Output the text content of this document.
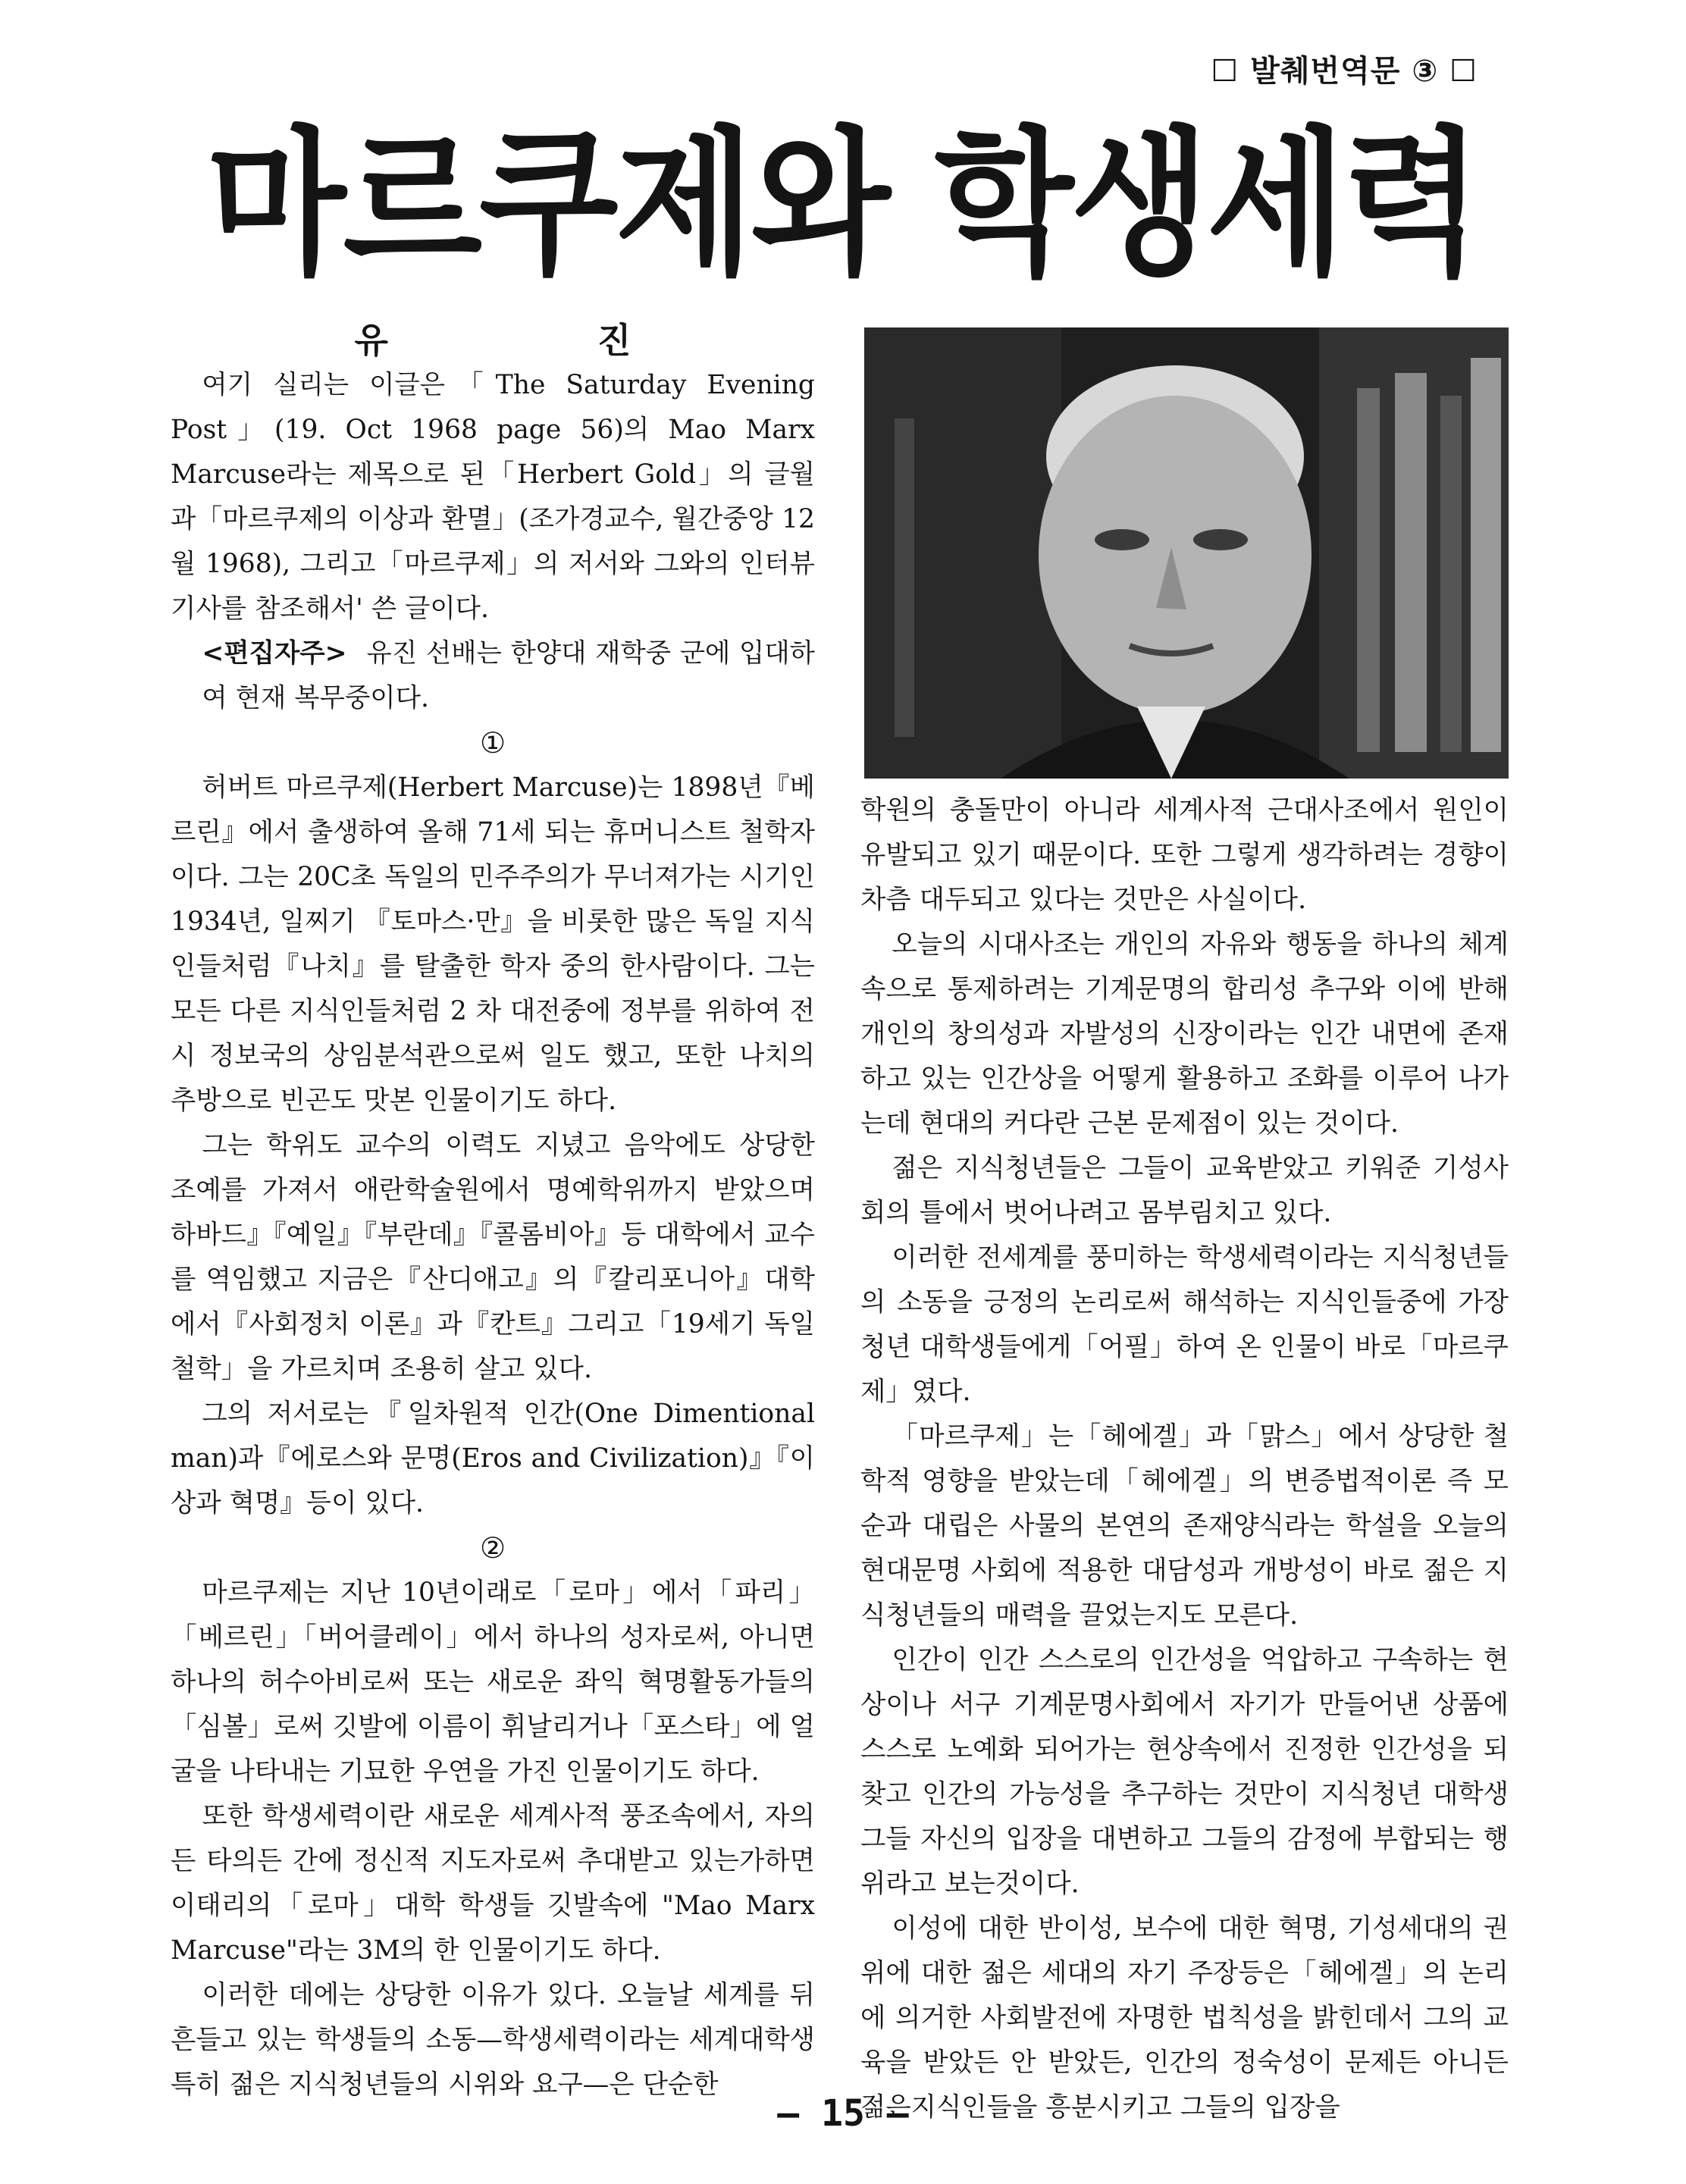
☐ 발췌번역문 ③ ☐
마르쿠제와 학생세력

유 진

여기 실리는 이글은「The Saturday Evening Post」(19. Oct 1968 page 56)의 Mao Marx Marcuse라는 제목으로 된「Herbert Gold」의 글월과「마르쿠제의 이상과 환멸」(조가경교수, 월간중앙 12월 1968), 그리고「마르쿠제」의 저서와 그와의 인터뷰 기사를 참조해서' 쓴 글이다.

<편집자주> 유진 선배는 한양대 재학중 군에 입대하여 현재 복무중이다.

①

허버트 마르쿠제(Herbert Marcuse)는 1898년『베르린』에서 출생하여 올해 71세 되는 휴머니스트 철학자이다. 그는 20C초 독일의 민주주의가 무너져가는 시기인 1934년, 일찌기 『토마스·만』을 비롯한 많은 독일 지식인들처럼『나치』를 탈출한 학자 중의 한사람이다. 그는 모든 다른 지식인들처럼 2 차 대전중에 정부를 위하여 전시 정보국의 상임분석관으로써 일도 했고, 또한 나치의 추방으로 빈곤도 맛본 인물이기도 하다.

그는 학위도 교수의 이력도 지녔고 음악에도 상당한 조예를 가져서 애란학술원에서 명예학위까지 받았으며 하바드』『예일』『부란데』『콜롬비아』등 대학에서 교수를 역임했고 지금은『산디애고』의『칼리포니아』대학에서『사회정치 이론』과『칸트』그리고「19세기 독일 철학」을 가르치며 조용히 살고 있다.

그의 저서로는『일차원적 인간(One Dimentional man)과『에로스와 문명(Eros and Civilization)』『이상과 혁명』등이 있다.

②

마르쿠제는 지난 10년이래로「로마」에서「파리」「베르린」「버어클레이」에서 하나의 성자로써, 아니면 하나의 허수아비로써 또는 새로운 좌익 혁명활동가들의「심볼」로써 깃발에 이름이 휘날리거나「포스타」에 얼굴을 나타내는 기묘한 우연을 가진 인물이기도 하다.

또한 학생세력이란 새로운 세계사적 풍조속에서, 자의든 타의든 간에 정신적 지도자로써 추대받고 있는가하면 이태리의「로마」대학 학생들 깃발속에 "Mao Marx Marcuse"라는 3M의 한 인물이기도 하다.

이러한 데에는 상당한 이유가 있다. 오늘날 세계를 뒤흔들고 있는 학생들의 소동—학생세력이라는 세계대학생 특히 젊은 지식청년들의 시위와 요구—은 단순한

학원의 충돌만이 아니라 세계사적 근대사조에서 원인이 유발되고 있기 때문이다. 또한 그렇게 생각하려는 경향이 차츰 대두되고 있다는 것만은 사실이다.

오늘의 시대사조는 개인의 자유와 행동을 하나의 체계속으로 통제하려는 기계문명의 합리성 추구와 이에 반해 개인의 창의성과 자발성의 신장이라는 인간 내면에 존재하고 있는 인간상을 어떻게 활용하고 조화를 이루어 나가는데 현대의 커다란 근본 문제점이 있는 것이다.

젊은 지식청년들은 그들이 교육받았고 키워준 기성사회의 틀에서 벗어나려고 몸부림치고 있다.

이러한 전세계를 풍미하는 학생세력이라는 지식청년들의 소동을 긍정의 논리로써 해석하는 지식인들중에 가장 청년 대학생들에게「어필」하여 온 인물이 바로「마르쿠제」였다.

「마르쿠제」는「헤에겔」과「맑스」에서 상당한 철학적 영향을 받았는데「헤에겔」의 변증법적이론 즉 모순과 대립은 사물의 본연의 존재양식라는 학설을 오늘의 현대문명 사회에 적용한 대담성과 개방성이 바로 젊은 지식청년들의 매력을 끌었는지도 모른다.

인간이 인간 스스로의 인간성을 억압하고 구속하는 현상이나 서구 기계문명사회에서 자기가 만들어낸 상품에 스스로 노예화 되어가는 현상속에서 진정한 인간성을 되찾고 인간의 가능성을 추구하는 것만이 지식청년 대학생 그들 자신의 입장을 대변하고 그들의 감정에 부합되는 행위라고 보는것이다.

이성에 대한 반이성, 보수에 대한 혁명, 기성세대의 권위에 대한 젊은 세대의 자기 주장등은「헤에겔」의 논리에 의거한 사회발전에 자명한 법칙성을 밝힌데서 그의 교육을 받았든 안 받았든, 인간의 정숙성이 문제든 아니든 젊은지식인들을 흥분시키고 그들의 입장을

— 15 —
